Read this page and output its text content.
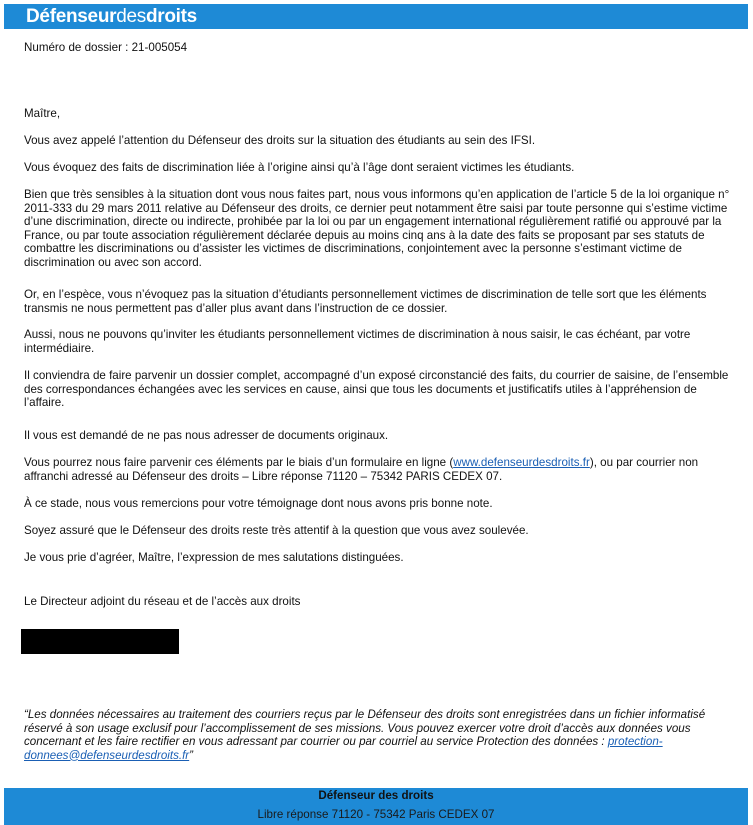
Défenseurdesdroits
Numéro de dossier : 21-005054
Maître,
Vous avez appelé l’attention du Défenseur des droits sur la situation des étudiants au sein des IFSI.
Vous évoquez des faits de discrimination liée à l’origine ainsi qu’à l’âge dont seraient victimes les étudiants.
Bien que très sensibles à la situation dont vous nous faites part, nous vous informons qu’en application de l’article 5 de la loi organique n° 2011-333 du 29 mars 2011 relative au Défenseur des droits, ce dernier peut notamment être saisi par toute personne qui s’estime victime d’une discrimination, directe ou indirecte, prohibée par la loi ou par un engagement international régulièrement ratifié ou approuvé par la France, ou par toute association régulièrement déclarée depuis au moins cinq ans à la date des faits se proposant par ses statuts de combattre les discriminations ou d’assister les victimes de discriminations, conjointement avec la personne s’estimant victime de discrimination ou avec son accord.
Or, en l’espèce, vous n’évoquez pas la situation d’étudiants personnellement victimes de discrimination de telle sort que les éléments transmis ne nous permettent pas d’aller plus avant dans l’instruction de ce dossier.
Aussi, nous ne pouvons qu’inviter les étudiants personnellement victimes de discrimination à nous saisir, le cas échéant, par votre intermédiaire.
Il conviendra de faire parvenir un dossier complet, accompagné d’un exposé circonstancié des faits, du courrier de saisine, de l’ensemble des correspondances échangées avec les services en cause, ainsi que tous les documents et justificatifs utiles à l’appréhension de l’affaire.
Il vous est demandé de ne pas nous adresser de documents originaux.
Vous pourrez nous faire parvenir ces éléments par le biais d’un formulaire en ligne (www.defenseurdesdroits.fr), ou par courrier non affranchi adressé au Défenseur des droits – Libre réponse 71120 – 75342 PARIS CEDEX 07.
À ce stade, nous vous remercions pour votre témoignage dont nous avons pris bonne note.
Soyez assuré que le Défenseur des droits reste très attentif à la question que vous avez soulevée.
Je vous prie d’agréer, Maître, l’expression de mes salutations distinguées.
Le Directeur adjoint du réseau et de l’accès aux droits
“Les données nécessaires au traitement des courriers reçus par le Défenseur des droits sont enregistrées dans un fichier informatisé réservé à son usage exclusif pour l’accomplissement de ses missions. Vous pouvez exercer votre droit d’accès aux données vous concernant et les faire rectifier en vous adressant par courrier ou par courriel au service Protection des données : protection-donnees@defenseurdesdroits.fr”
Défenseur des droits
Libre réponse 71120 - 75342 Paris CEDEX 07
